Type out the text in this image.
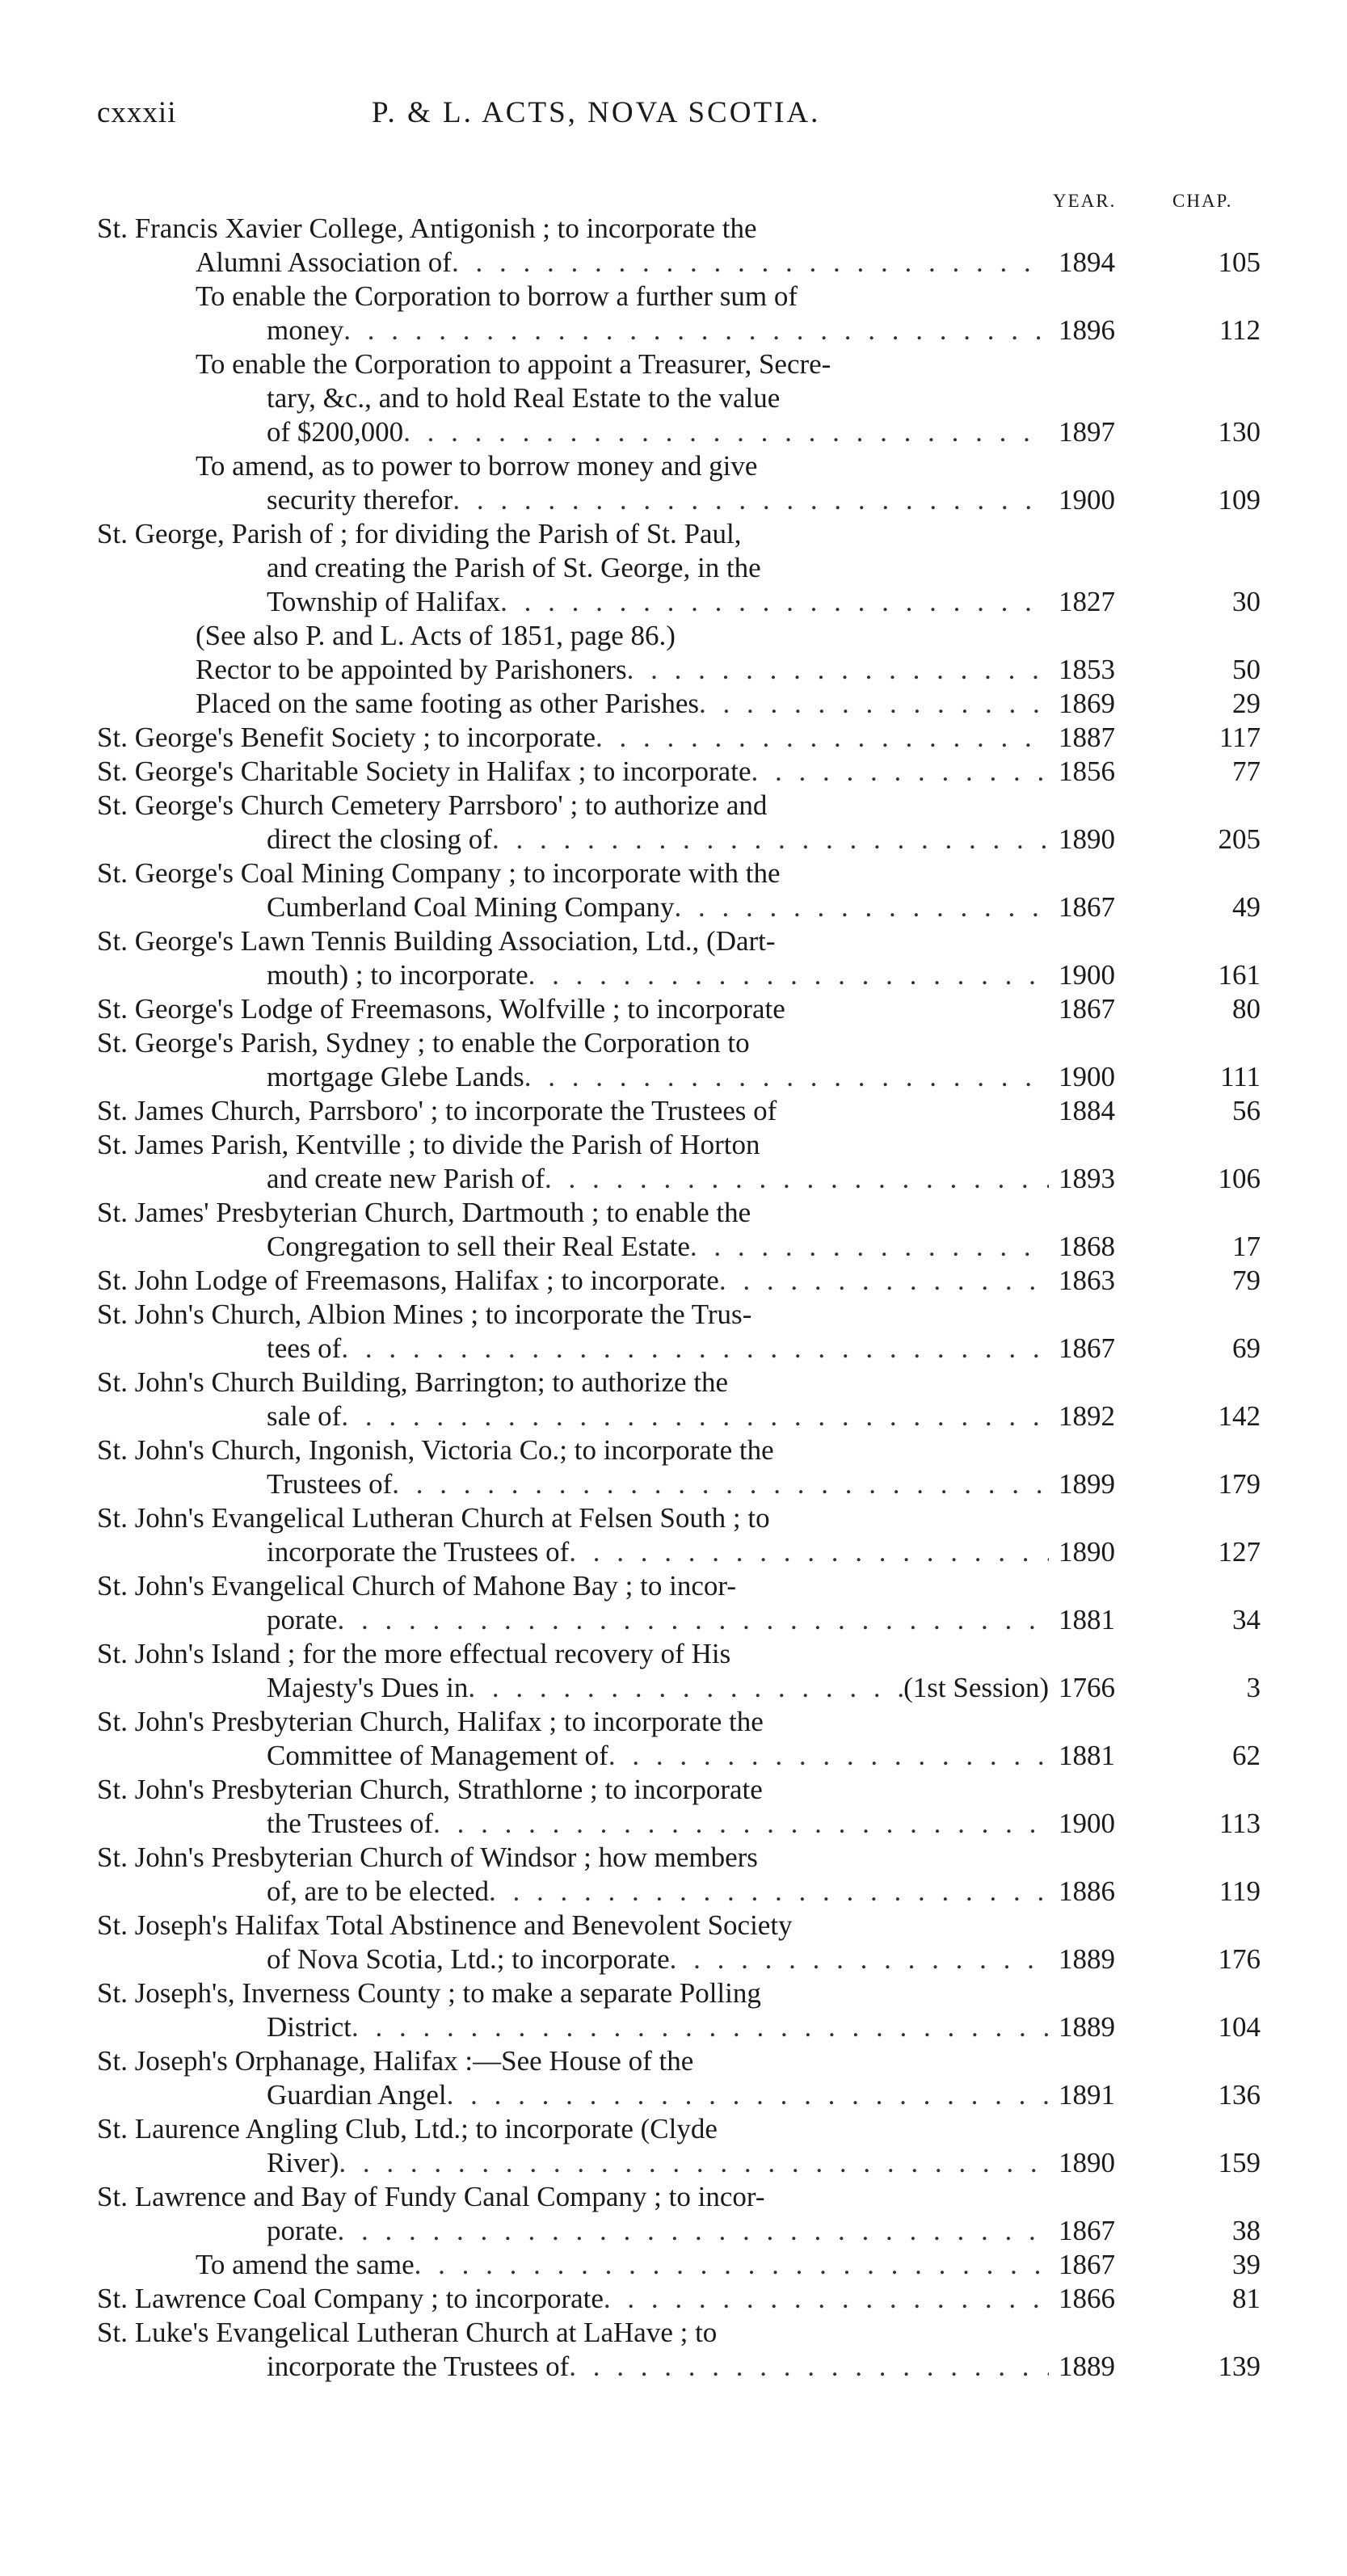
cxxxii	P. & L. ACTS, NOVA SCOTIA.
YEAR.	CHAP.
St. Francis Xavier College, Antigonish ; to incorporate the
Alumni Association of . . .	1894	105
To enable the Corporation to borrow a further sum of
money . . .	1896	112
To enable the Corporation to appoint a Treasurer, Secre-
tary, &c., and to hold Real Estate to the value
of $200,000 . . .	1897	130
To amend, as to power to borrow money and give
security therefor . . .	1900	109
St. George, Parish of ; for dividing the Parish of St. Paul,
and creating the Parish of St. George, in the
Township of Halifax . . .	1827	30
(See also P. and L. Acts of 1851, page 86.)
Rector to be appointed by Parishoners . . .	1853	50
Placed on the same footing as other Parishes . . .	1869	29
St. George's Benefit Society ; to incorporate . . .	1887	117
St. George's Charitable Society in Halifax ; to incorporate . . .	1856	77
St. George's Church Cemetery Parrsboro' ; to authorize and
direct the closing of . . .	1890	205
St. George's Coal Mining Company ; to incorporate with the
Cumberland Coal Mining Company . . .	1867	49
St. George's Lawn Tennis Building Association, Ltd., (Dart-
mouth) ; to incorporate . . .	1900	161
St. George's Lodge of Freemasons, Wolfville ; to incorporate	1867	80
St. George's Parish, Sydney ; to enable the Corporation to
mortgage Glebe Lands . . .	1900	111
St. James Church, Parrsboro' ; to incorporate the Trustees of	1884	56
St. James Parish, Kentville ; to divide the Parish of Horton
and create new Parish of . . .	1893	106
St. James' Presbyterian Church, Dartmouth ; to enable the
Congregation to sell their Real Estate . . .	1868	17
St. John Lodge of Freemasons, Halifax ; to incorporate . . .	1863	79
St. John's Church, Albion Mines ; to incorporate the Trus-
tees of . . .	1867	69
St. John's Church Building, Barrington; to authorize the
sale of . . .	1892	142
St. John's Church, Ingonish, Victoria Co.; to incorporate the
Trustees of . . .	1899	179
St. John's Evangelical Lutheran Church at Felsen South ; to
incorporate the Trustees of . . .	1890	127
St. John's Evangelical Church of Mahone Bay ; to incor-
porate . . .	1881	34
St. John's Island ; for the more effectual recovery of His
Majesty's Dues in . . .	(1st Session) 1766	3
St. John's Presbyterian Church, Halifax ; to incorporate the
Committee of Management of . . .	1881	62
St. John's Presbyterian Church, Strathlorne ; to incorporate
the Trustees of . . .	1900	113
St. John's Presbyterian Church of Windsor ; how members
of, are to be elected . . .	1886	119
St. Joseph's Halifax Total Abstinence and Benevolent Society
of Nova Scotia, Ltd.; to incorporate . . .	1889	176
St. Joseph's, Inverness County ; to make a separate Polling
District . . .	1889	104
St. Joseph's Orphanage, Halifax :—See House of the
Guardian Angel . . .	1891	136
St. Laurence Angling Club, Ltd.; to incorporate (Clyde
River) . . .	1890	159
St. Lawrence and Bay of Fundy Canal Company ; to incor-
porate . . .	1867	38
To amend the same . . .	1867	39
St. Lawrence Coal Company ; to incorporate . . .	1866	81
St. Luke's Evangelical Lutheran Church at LaHave ; to
incorporate the Trustees of . . .	1889	139
